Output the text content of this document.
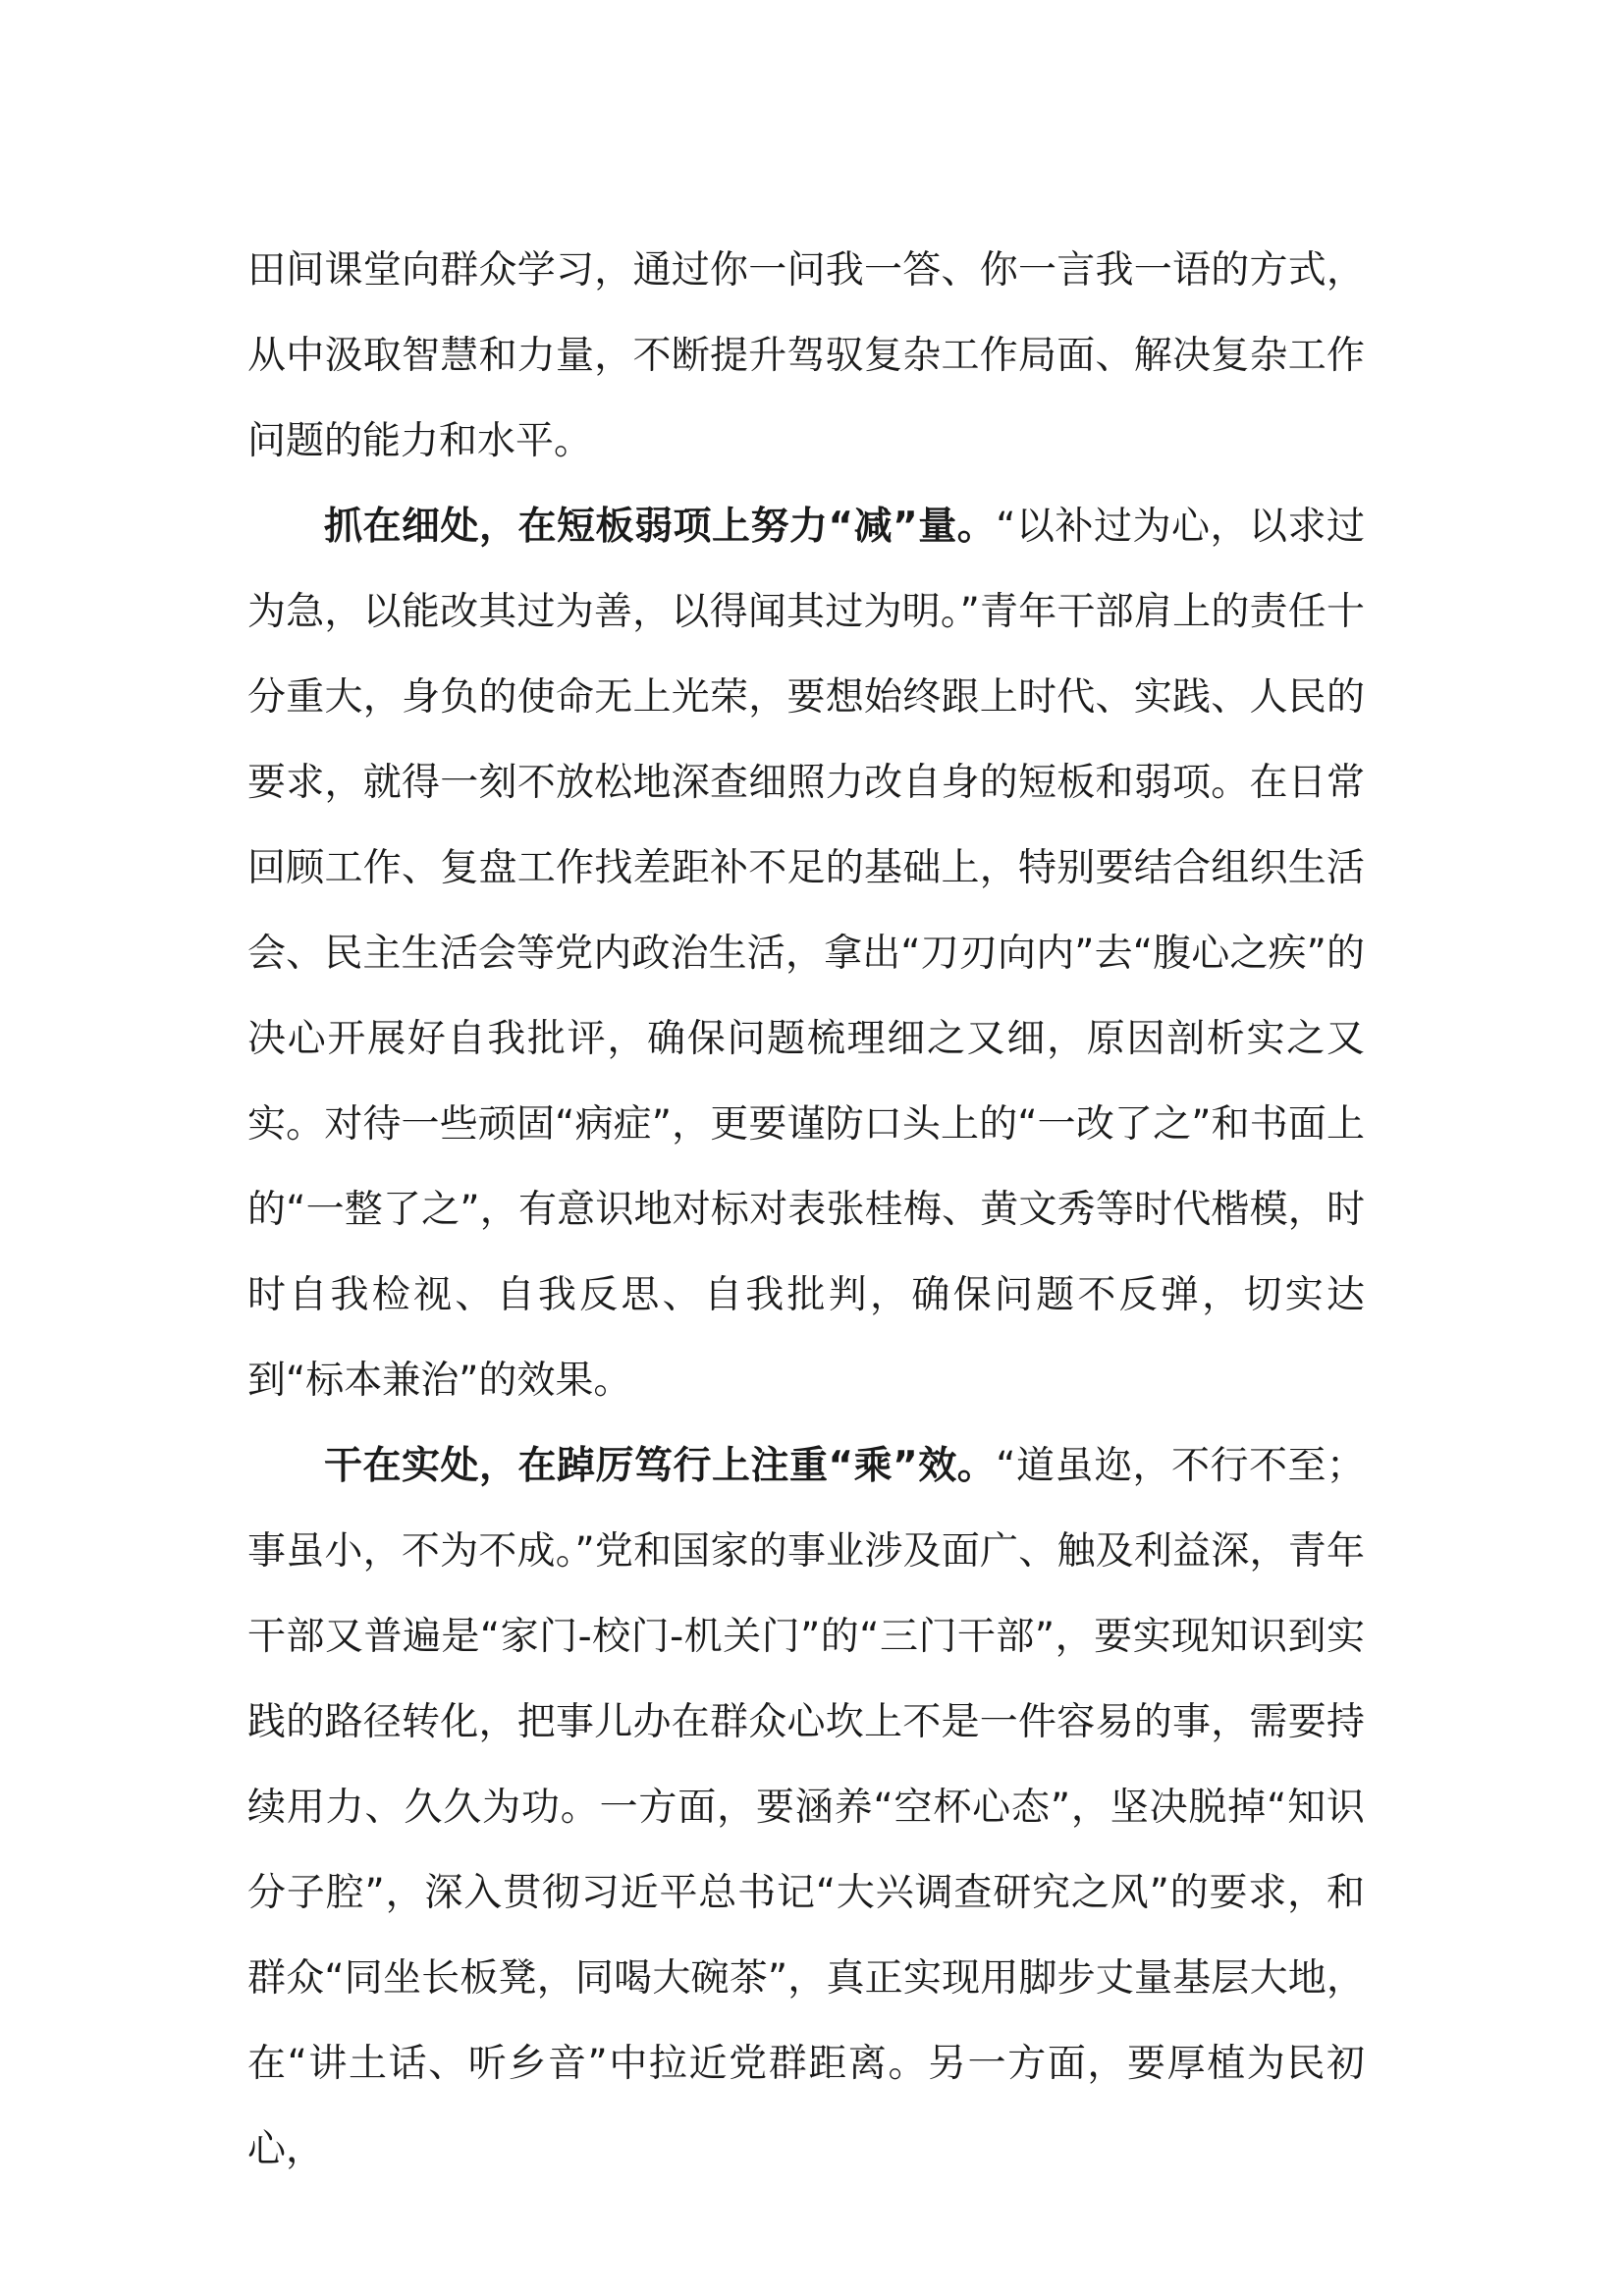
田间课堂向群众学习，通过你一问我一答、你一言我一语的方式，从中汲取智慧和力量，不断提升驾驭复杂工作局面、解决复杂工作问题的能力和水平。

抓在细处，在短板弱项上努力“减”量。“以补过为心，以求过为急，以能改其过为善，以得闻其过为明。”青年干部肩上的责任十分重大，身负的使命无上光荣，要想始终跟上时代、实践、人民的要求，就得一刻不放松地深查细照力改自身的短板和弱项。在日常回顾工作、复盘工作找差距补不足的基础上，特别要结合组织生活会、民主生活会等党内政治生活，拿出“刀刃向内”去“腹心之疾”的决心开展好自我批评，确保问题梳理细之又细，原因剖析实之又实。对待一些顽固“病症”，更要谨防口头上的“一改了之”和书面上的“一整了之”，有意识地对标对表张桂梅、黄文秀等时代楷模，时时自我检视、自我反思、自我批判，确保问题不反弹，切实达到“标本兼治”的效果。

干在实处，在踔厉笃行上注重“乘”效。“道虽迩，不行不至；事虽小，不为不成。”党和国家的事业涉及面广、触及利益深，青年干部又普遍是“家门-校门-机关门”的“三门干部”，要实现知识到实践的路径转化，把事儿办在群众心坎上不是一件容易的事，需要持续用力、久久为功。一方面，要涵养“空杯心态”，坚决脱掉“知识分子腔”，深入贯彻习近平总书记“大兴调查研究之风”的要求，和群众“同坐长板凳，同喝大碗茶”，真正实现用脚步丈量基层大地，在“讲土话、听乡音”中拉近党群距离。另一方面，要厚植为民初心，
